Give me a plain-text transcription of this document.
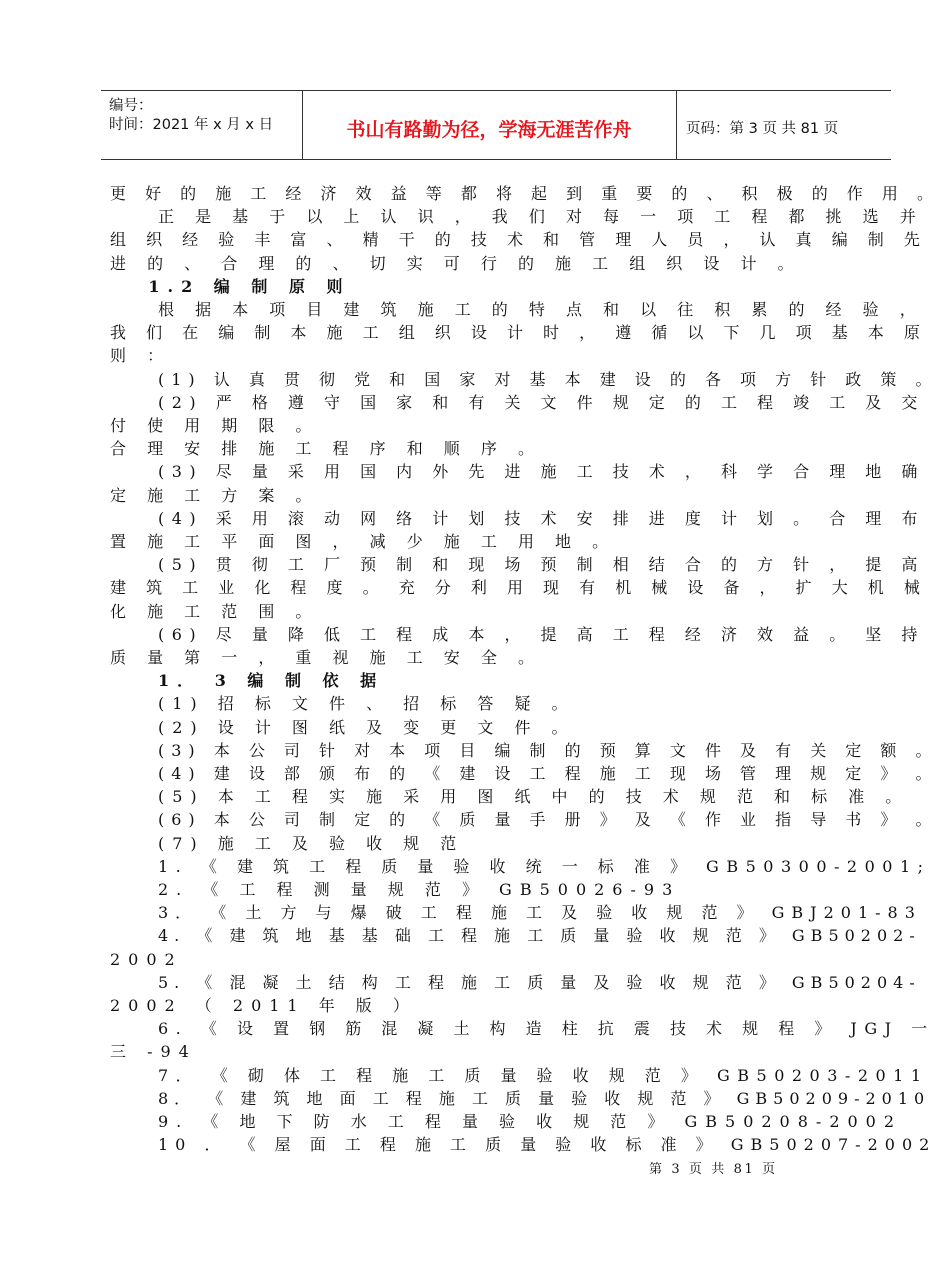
编号：
时间：2021 年 x 月 x 日	书山有路勤为径，学海无涯苦作舟	页码：第 3 页 共 81 页
更 好 的 施 工 经 济 效 益 等 都 将 起 到 重 要 的 、 积 极 的 作 用 。
正 是 基 于 以 上 认 识 ， 我 们 对 每 一 项 工 程 都 挑 选 并
组 织 经 验 丰 富 、 精 干 的 技 术 和 管 理 人 员 ， 认 真 编 制 先
进 的 、 合 理 的 、 切 实 可 行 的 施 工 组 织 设 计 。
1.2 编 制 原 则
根 据 本 项 目 建 筑 施 工 的 特 点 和 以 往 积 累 的 经 验 ，
我 们 在 编 制 本 施 工 组 织 设 计 时 ， 遵 循 以 下 几 项 基 本 原
则 ：
(1) 认 真 贯 彻 党 和 国 家 对 基 本 建 设 的 各 项 方 针 政 策 。
(2) 严 格 遵 守 国 家 和 有 关 文 件 规 定 的 工 程 竣 工 及 交
付 使 用 期 限 。
合 理 安 排 施 工 程 序 和 顺 序 。
(3) 尽 量 采 用 国 内 外 先 进 施 工 技 术 ， 科 学 合 理 地 确
定 施 工 方 案 。
(4) 采 用 滚 动 网 络 计 划 技 术 安 排 进 度 计 划 。 合 理 布
置 施 工 平 面 图 ， 减 少 施 工 用 地 。
(5) 贯 彻 工 厂 预 制 和 现 场 预 制 相 结 合 的 方 针 ， 提 高
建 筑 工 业 化 程 度 。 充 分 利 用 现 有 机 械 设 备 ， 扩 大 机 械
化 施 工 范 围 。
(6) 尽 量 降 低 工 程 成 本 ， 提 高 工 程 经 济 效 益 。 坚 持
质 量 第 一 ， 重 视 施 工 安 全 。
1． 3 编 制 依 据
(1) 招 标 文 件 、 招 标 答 疑 。
(2) 设 计 图 纸 及 变 更 文 件 。
(3) 本 公 司 针 对 本 项 目 编 制 的 预 算 文 件 及 有 关 定 额 。
(4) 建 设 部 颁 布 的 《 建 设 工 程 施 工 现 场 管 理 规 定 》 。
(5) 本 工 程 实 施 采 用 图 纸 中 的 技 术 规 范 和 标 准 。
(6) 本 公 司 制 定 的 《 质 量 手 册 》 及 《 作 业 指 导 书 》 。
(7) 施 工 及 验 收 规 范
1. 《 建 筑 工 程 质 量 验 收 统 一 标 准 》 GB50300-2001;
2. 《 工 程 测 量 规 范 》 GB50026-93
3． 《 土 方 与 爆 破 工 程 施 工 及 验 收 规 范 》 GBJ201-83
4. 《 建 筑 地 基 基 础 工 程 施 工 质 量 验 收 规 范 》 GB50202-
2002
5. 《 混 凝 土 结 构 工 程 施 工 质 量 及 验 收 规 范 》 GB50204-
2002 （ 2011 年 版 ）
6. 《 设 置 钢 筋 混 凝 土 构 造 柱 抗 震 技 术 规 程 》 JGJ 一
三 -94
7． 《 砌 体 工 程 施 工 质 量 验 收 规 范 》 GB50203-2011
8． 《 建 筑 地 面 工 程 施 工 质 量 验 收 规 范 》 GB50209-2010
9. 《 地 下 防 水 工 程 量 验 收 规 范 》 GB50208-2002
10 ． 《 屋 面 工 程 施 工 质 量 验 收 标 准 》 GB50207-2002
第 3 页 共 81 页
